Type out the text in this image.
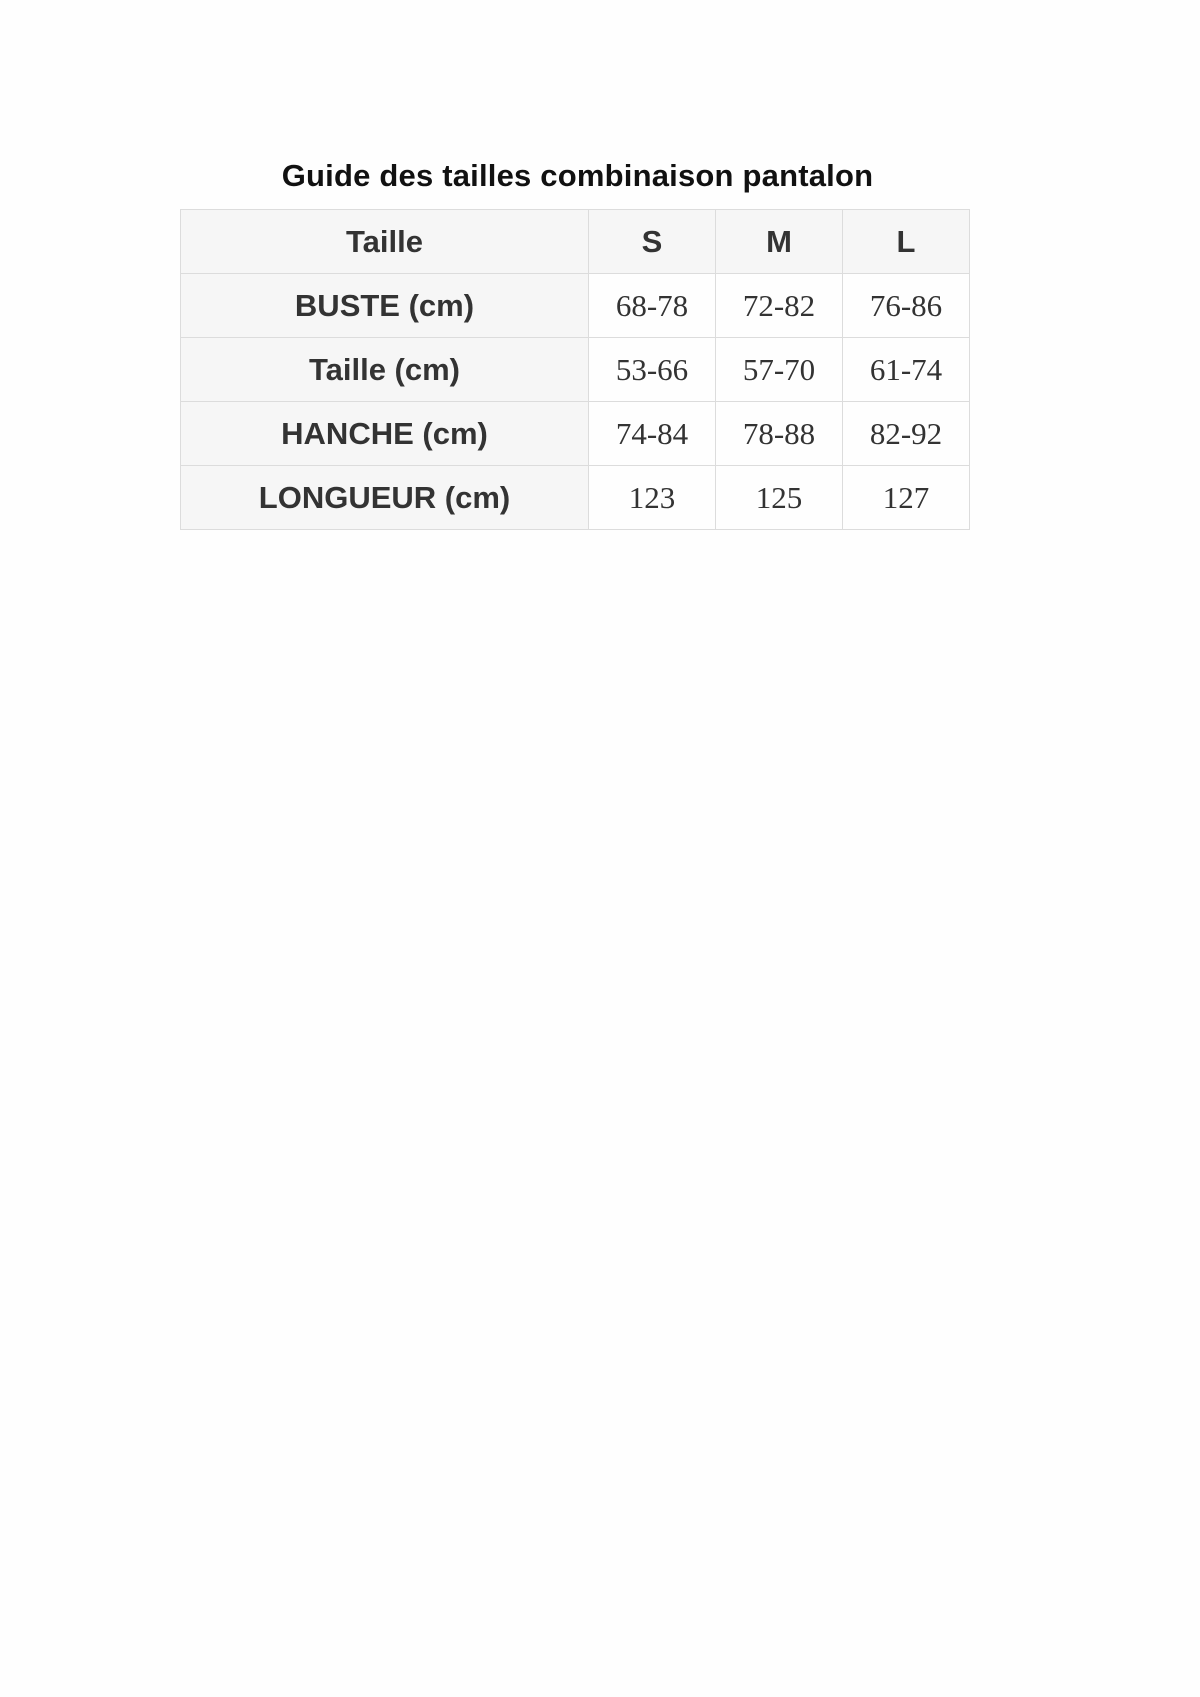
Guide des tailles combinaison pantalon
Taille	S	M	L
BUSTE (cm)	68-78	72-82	76-86
Taille (cm)	53-66	57-70	61-74
HANCHE (cm)	74-84	78-88	82-92
LONGUEUR (cm)	123	125	127
